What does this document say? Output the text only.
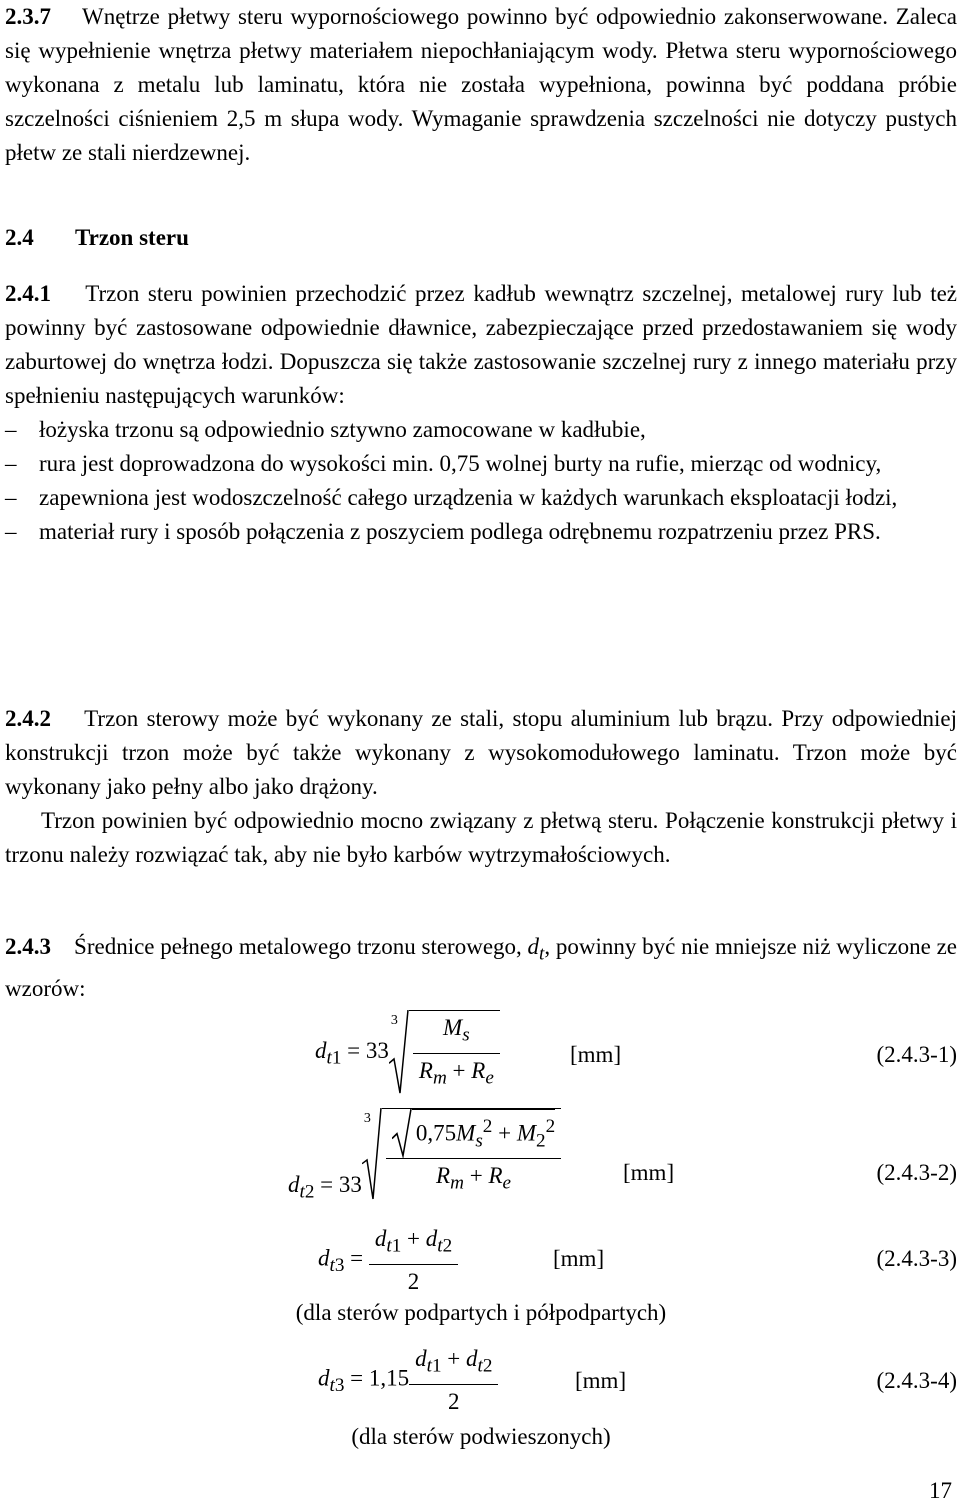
2.3.7 Wnętrze płetwy steru wypornościowego powinno być odpowiednio zakonserwowane. Zaleca się wypełnienie wnętrza płetwy materiałem niepochłaniającym wody. Płetwa steru wypornościowego wykonana z metalu lub laminatu, która nie została wypełniona, powinna być poddana próbie szczelności ciśnieniem 2,5 m słupa wody. Wymaganie sprawdzenia szczelności nie dotyczy pustych płetw ze stali nierdzewnej.

2.4 Trzon steru

2.4.1 Trzon steru powinien przechodzić przez kadłub wewnątrz szczelnej, metalowej rury lub też powinny być zastosowane odpowiednie dławnice, zabezpieczające przed przedostawaniem się wody zaburtowej do wnętrza łodzi. Dopuszcza się także zastosowanie szczelnej rury z innego materiału przy spełnieniu następujących warunków:

– łożyska trzonu są odpowiednio sztywno zamocowane w kadłubie,
– rura jest doprowadzona do wysokości min. 0,75 wolnej burty na rufie, mierząc od wodnicy,
– zapewniona jest wodoszczelność całego urządzenia w każdych warunkach eksploatacji łodzi,
– materiał rury i sposób połączenia z poszyciem podlega odrębnemu rozpatrzeniu przez PRS.

2.4.2 Trzon sterowy może być wykonany ze stali, stopu aluminium lub brązu. Przy odpowiedniej konstrukcji trzon może być także wykonany z wysokomodułowego laminatu. Trzon może być wykonany jako pełny albo jako drążony.

Trzon powinien być odpowiednio mocno związany z płetwą steru. Połączenie konstrukcji płetwy i trzonu należy rozwiązać tak, aby nie było karbów wytrzymałościowych.

2.4.3 Średnice pełnego metalowego trzonu sterowego, $d_t$, powinny być nie mniejsze niż wyliczone ze wzorów:

$d_{t1} = 33$
$3 \frac{M_s}{R_m + R_e}$	[mm]	(2.4.3-1)
$d_{t2} = 33$
$3 \frac{0,75M_s^2 + M_2^2}{R_m + R_e}$	[mm]	(2.4.3-2)
$d_{t3} = \frac{d_{t1} + d_{t2}}{2}$	[mm]	(2.4.3-3)
(dla sterów podpartych i półpodpartych)
$d_{t3} = 1,15 \frac{d_{t1} + d_{t2}}{2}$	[mm]	(2.4.3-4)
(dla sterów podwieszonych)
17
